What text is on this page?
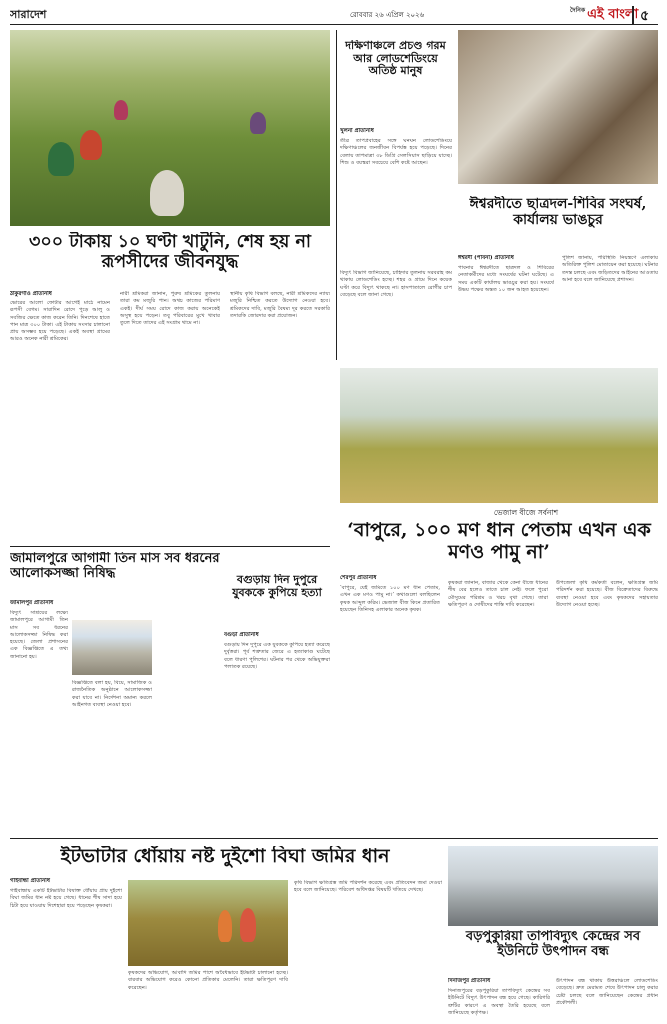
সারাদেশ	রোববার ২৬ এপ্রিল ২০২৬
$^{দৈনিক}$ এই বাংলা ৫
৩০০ টাকায় ১০ ঘণ্টা খাটুনি, শেষ হয় না রূপসীদের জীবনযুদ্ধ
ঠাকুরগাঁও প্রতিনিধি
ভোরের আলো ফোটার আগেই মাঠে নামেন রূপসী বেগম। সারাদিন রোদে পুড়ে আলু ও সবজির ক্ষেতে কাজ করেন তিনি। দিনশেষে হাতে পান মাত্র ৩০০ টাকা। এই টাকায় সংসার চালানো প্রায় অসম্ভব হয়ে পড়েছে। একই অবস্থা গ্রামের আরও অনেক নারী শ্রমিকের।
নারী শ্রমিকরা জানান, পুরুষ শ্রমিকের তুলনায় তারা কম মজুরি পান। অথচ কাজের পরিমাণ একই। দীর্ঘ সময় রোদে কাজ করায় অনেকেই অসুস্থ হয়ে পড়েন। তবু পরিবারের মুখে খাবার তুলে দিতে তাদের এই সংগ্রাম থামে না।
স্থানীয় কৃষি বিভাগ বলছে, নারী শ্রমিকদের ন্যায্য মজুরি নিশ্চিত করতে উদ্যোগ নেওয়া হবে। শ্রমিকদের দাবি, মজুরি বৈষম্য দূর করতে সরকারি তদারকি জোরদার করা প্রয়োজন।
দক্ষিণাঞ্চলে প্রচণ্ড গরম আর লোডশেডিংয়ে অতিষ্ঠ মানুষ
খুলনা প্রতিনিধি
তীব্র তাপপ্রবাহের সঙ্গে ঘনঘন লোডশেডিংয়ে দক্ষিণাঞ্চলের জনজীবন বিপর্যস্ত হয়ে পড়েছে। দিনের বেলায় তাপমাত্রা ৩৮ ডিগ্রি সেলসিয়াস ছাড়িয়ে যাচ্ছে। শিশু ও বয়স্করা সবচেয়ে বেশি কষ্টে আছেন।
বিদ্যুৎ বিভাগ জানিয়েছে, চাহিদার তুলনায় সরবরাহ কম থাকায় লোডশেডিং হচ্ছে। শহর ও গ্রামে দিনে কয়েক ঘণ্টা করে বিদ্যুৎ থাকছে না। হাসপাতালে রোগীর চাপ বেড়েছে বলে জানা গেছে।
ঈশ্বরদীতে ছাত্রদল-শিবির সংঘর্ষ, কার্যালয় ভাঙচুর
ঈশ্বরদী (পাবনা) প্রতিনিধি
পাবনার ঈশ্বরদীতে ছাত্রদল ও শিবিরের নেতাকর্মীদের মধ্যে সংঘর্ষের ঘটনা ঘটেছে। এ সময় একটি কার্যালয় ভাঙচুর করা হয়। সংঘর্ষে উভয় পক্ষের অন্তত ১০ জন আহত হয়েছেন।
পুলিশ জানায়, পরিস্থিতি নিয়ন্ত্রণে এলাকায় অতিরিক্ত পুলিশ মোতায়েন করা হয়েছে। ঘটনার তদন্ত চলছে এবং জড়িতদের আইনের আওতায় আনা হবে বলে জানিয়েছে প্রশাসন।
ভেজাল বীজে সর্বনাশ
‘বাপুরে, ১০০ মণ ধান পেতাম এখন এক মণও পামু না’
শেরপুর প্রতিনিধি
‘বাপুরে, যেই জমিতে ১০০ মণ ধান পেতাম, এখন এক মণও পামু না।’ কথাগুলো বলছিলেন কৃষক আব্দুল করিম। ভেজাল বীজ কিনে প্রতারিত হয়েছেন তিনিসহ এলাকার অনেক কৃষক।
কৃষকরা জানান, বাজার থেকে কেনা বীজে ধানের শীষ বের হলেও তাতে চাল নেই। ফলে পুরো মৌসুমের পরিশ্রম ও খরচ বৃথা গেছে। তারা ক্ষতিপূরণ ও দোষীদের শাস্তি দাবি করেছেন।
উপজেলা কৃষি কর্মকর্তা বলেন, ক্ষতিগ্রস্ত জমি পরিদর্শন করা হয়েছে। বীজ বিক্রেতাদের বিরুদ্ধে ব্যবস্থা নেওয়া হবে এবং কৃষকদের সহায়তার উদ্যোগ নেওয়া হচ্ছে।
জামালপুরে আগামী তিন মাস সব ধরনের আলোকসজ্জা নিষিদ্ধ
জামালপুর প্রতিনিধি
বিদ্যুৎ সাশ্রয়ের লক্ষ্যে জামালপুরে আগামী তিন মাস সব ধরনের আলোকসজ্জা নিষিদ্ধ করা হয়েছে। জেলা প্রশাসনের এক বিজ্ঞপ্তিতে এ তথ্য জানানো হয়।
বিজ্ঞপ্তিতে বলা হয়, বিয়ে, সামাজিক ও রাজনৈতিক অনুষ্ঠানে আলোকসজ্জা করা যাবে না। নির্দেশনা অমান্য করলে আইনগত ব্যবস্থা নেওয়া হবে।
বগুড়ায় দিন দুপুরে যুবককে কুপিয়ে হত্যা
বগুড়া প্রতিনিধি
বগুড়ায় দিন দুপুরে এক যুবককে কুপিয়ে হত্যা করেছে দুর্বৃত্তরা। পূর্ব শত্রুতার জেরে এ হত্যাকাণ্ড ঘটেছে বলে ধারণা পুলিশের। ঘটনার পর থেকে অভিযুক্তরা পলাতক রয়েছে।
ইটভাটার ধোঁয়ায় নষ্ট দুইশো বিঘা জমির ধান
গাইবান্ধা প্রতিনিধি
গাইবান্ধায় একটি ইটভাটার বিষাক্ত ধোঁয়ায় প্রায় দুইশো বিঘা জমির ধান নষ্ট হয়ে গেছে। ধানের শীষ সাদা হয়ে চিটা হয়ে যাওয়ায় দিশেহারা হয়ে পড়েছেন কৃষকরা।
কৃষকদের অভিযোগ, আবাদি জমির পাশে অবৈধভাবে ইটভাটা চালানো হচ্ছে। বারবার অভিযোগ করেও কোনো প্রতিকার মেলেনি। তারা ক্ষতিপূরণ দাবি করেছেন।
কৃষি বিভাগ ক্ষতিগ্রস্ত জমি পরিদর্শন করেছে এবং প্রতিবেদন জমা দেওয়া হবে বলে জানিয়েছে। পরিবেশ অধিদপ্তর বিষয়টি খতিয়ে দেখছে।
বড়পুকুরিয়া তাপবিদ্যুৎ কেন্দ্রের সব ইউনিটে উৎপাদন বন্ধ
দিনাজপুর প্রতিনিধি
দিনাজপুরের বড়পুকুরিয়া তাপবিদ্যুৎ কেন্দ্রের সব ইউনিটে বিদ্যুৎ উৎপাদন বন্ধ হয়ে গেছে। কারিগরি ত্রুটির কারণে এ অবস্থা তৈরি হয়েছে বলে জানিয়েছে কর্তৃপক্ষ।
উৎপাদন বন্ধ থাকায় উত্তরাঞ্চলে লোডশেডিং বেড়েছে। দ্রুত মেরামত শেষে উৎপাদন চালু করার চেষ্টা চলছে বলে জানিয়েছেন কেন্দ্রের প্রধান প্রকৌশলী।
